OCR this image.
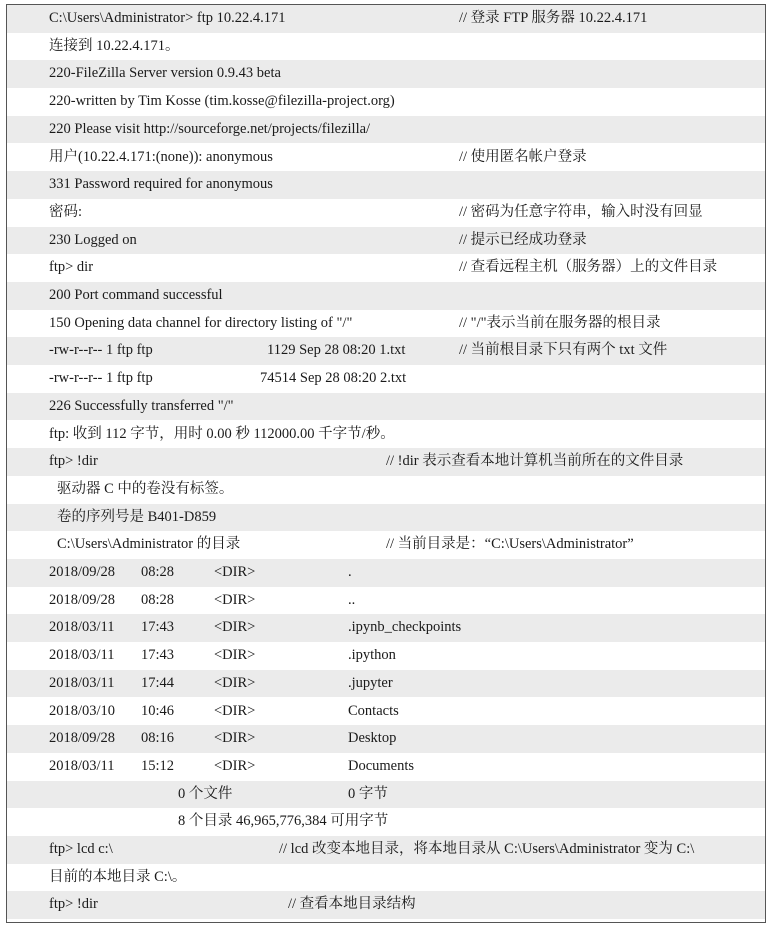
C:\Users\Administrator> ftp 10.22.4.171	// 登录 FTP 服务器 10.22.4.171
连接到 10.22.4.171。
220-FileZilla Server version 0.9.43 beta
220-written by Tim Kosse (tim.kosse@filezilla-project.org)
220 Please visit http://sourceforge.net/projects/filezilla/
用户(10.22.4.171:(none)): anonymous	// 使用匿名帐户登录
331 Password required for anonymous
密码:	// 密码为任意字符串，输入时没有回显
230 Logged on	// 提示已经成功登录
ftp> dir	// 查看远程主机（服务器）上的文件目录
200 Port command successful
150 Opening data channel for directory listing of "/"	// "/"表示当前在服务器的根目录
-rw-r--r-- 1 ftp ftp	1129 Sep 28 08:20 1.txt	// 当前根目录下只有两个 txt 文件
-rw-r--r-- 1 ftp ftp	74514 Sep 28 08:20 2.txt
226 Successfully transferred "/"
ftp: 收到 112 字节，用时 0.00 秒 112000.00 千字节/秒。
ftp> !dir	// !dir 表示查看本地计算机当前所在的文件目录
驱动器 C 中的卷没有标签。
卷的序列号是 B401-D859
C:\Users\Administrator 的目录	// 当前目录是：“C:\Users\Administrator”
2018/09/28 08:28	<DIR>	.
2018/09/28 08:28	<DIR>	..
2018/03/11 17:43	<DIR>	.ipynb_checkpoints
2018/03/11 17:43	<DIR>	.ipython
2018/03/11 17:44	<DIR>	.jupyter
2018/03/10 10:46	<DIR>	Contacts
2018/09/28 08:16	<DIR>	Desktop
2018/03/11 15:12	<DIR>	Documents
0 个文件	0 字节
8 个目录 46,965,776,384 可用字节
ftp> lcd c:\	// lcd 改变本地目录，将本地目录从 C:\Users\Administrator 变为 C:\
目前的本地目录 C:\。
ftp> !dir	// 查看本地目录结构
